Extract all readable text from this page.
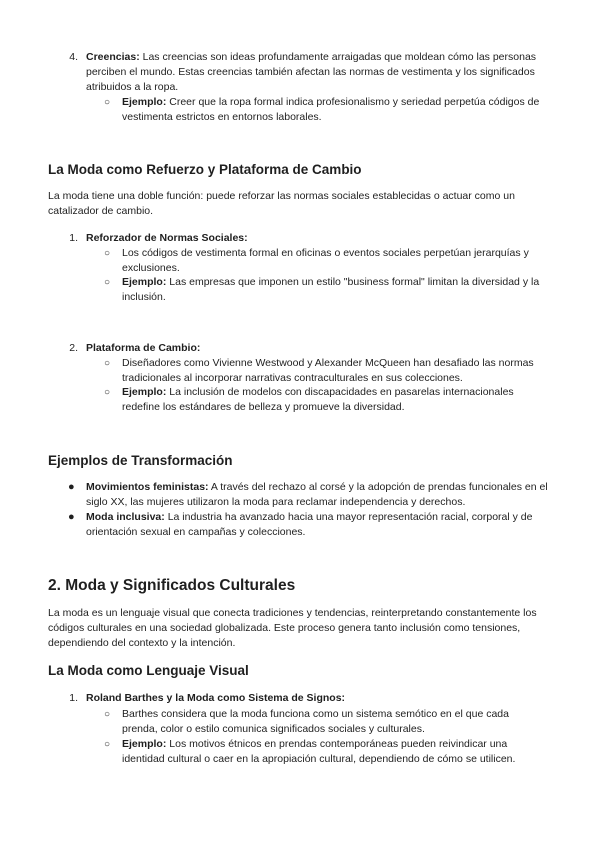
4. Creencias: Las creencias son ideas profundamente arraigadas que moldean cómo las personas perciben el mundo. Estas creencias también afectan las normas de vestimenta y los significados atribuidos a la ropa.
○ Ejemplo: Creer que la ropa formal indica profesionalismo y seriedad perpetúa códigos de vestimenta estrictos en entornos laborales.
La Moda como Refuerzo y Plataforma de Cambio
La moda tiene una doble función: puede reforzar las normas sociales establecidas o actuar como un catalizador de cambio.
1. Reforzador de Normas Sociales:
○ Los códigos de vestimenta formal en oficinas o eventos sociales perpetúan jerarquías y exclusiones.
○ Ejemplo: Las empresas que imponen un estilo "business formal" limitan la diversidad y la inclusión.
2. Plataforma de Cambio:
○ Diseñadores como Vivienne Westwood y Alexander McQueen han desafiado las normas tradicionales al incorporar narrativas contraculturales en sus colecciones.
○ Ejemplo: La inclusión de modelos con discapacidades en pasarelas internacionales redefine los estándares de belleza y promueve la diversidad.
Ejemplos de Transformación
● Movimientos feministas: A través del rechazo al corsé y la adopción de prendas funcionales en el siglo XX, las mujeres utilizaron la moda para reclamar independencia y derechos.
● Moda inclusiva: La industria ha avanzado hacia una mayor representación racial, corporal y de orientación sexual en campañas y colecciones.
2. Moda y Significados Culturales
La moda es un lenguaje visual que conecta tradiciones y tendencias, reinterpretando constantemente los códigos culturales en una sociedad globalizada. Este proceso genera tanto inclusión como tensiones, dependiendo del contexto y la intención.
La Moda como Lenguaje Visual
1. Roland Barthes y la Moda como Sistema de Signos:
○ Barthes considera que la moda funciona como un sistema semótico en el que cada prenda, color o estilo comunica significados sociales y culturales.
○ Ejemplo: Los motivos étnicos en prendas contemporáneas pueden reivindicar una identidad cultural o caer en la apropiación cultural, dependiendo de cómo se utilicen.
